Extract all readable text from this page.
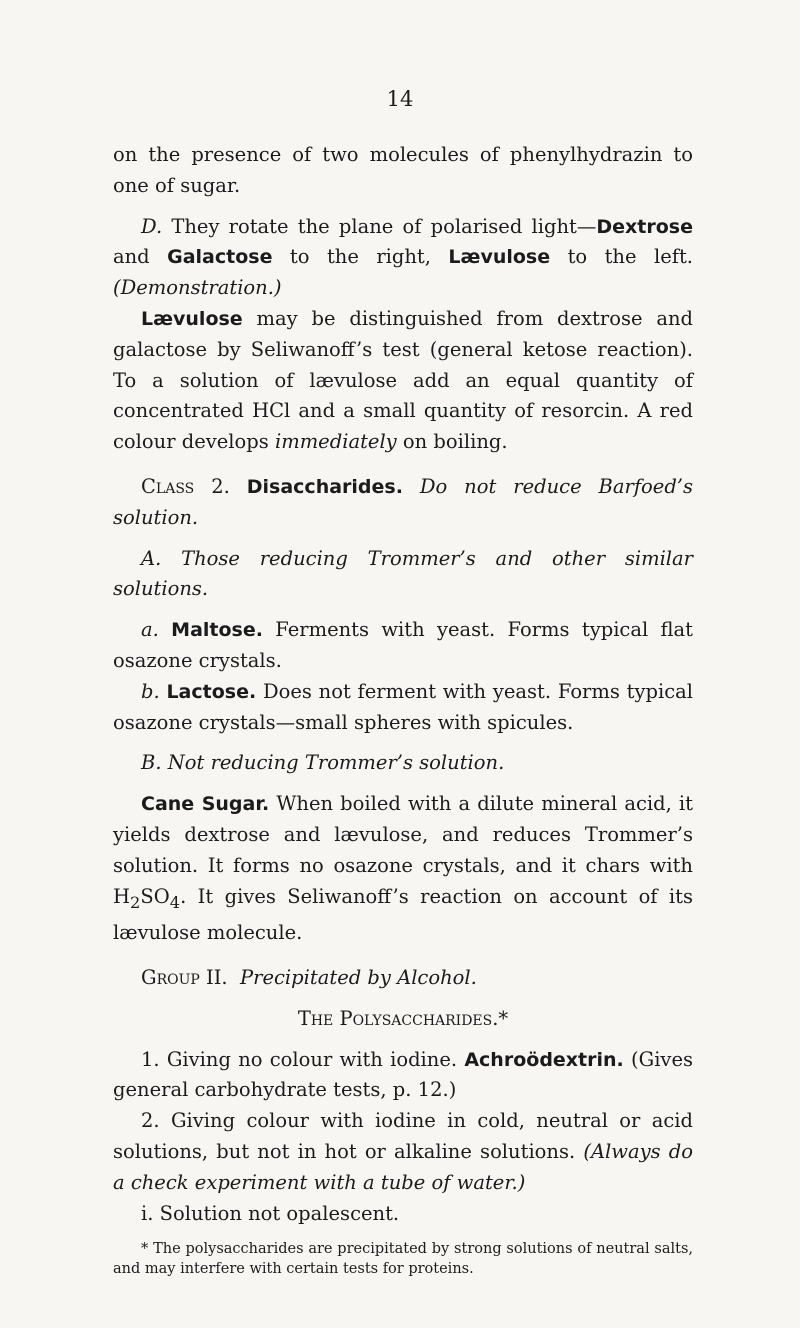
14

on the presence of two molecules of phenylhydrazin to one of sugar.

D. They rotate the plane of polarised light—Dextrose and Galactose to the right, Lævulose to the left. (Demonstration.)

Lævulose may be distinguished from dextrose and galactose by Seliwanoff’s test (general ketose reaction). To a solution of lævulose add an equal quantity of concentrated HCl and a small quantity of resorcin. A red colour develops immediately on boiling.

Class 2. Disaccharides. Do not reduce Barfoed’s solution.

A. Those reducing Trommer’s and other similar solutions.

a. Maltose. Ferments with yeast. Forms typical flat osazone crystals.

b. Lactose. Does not ferment with yeast. Forms typical osazone crystals—small spheres with spicules.

B. Not reducing Trommer’s solution.

Cane Sugar. When boiled with a dilute mineral acid, it yields dextrose and lævulose, and reduces Trommer’s solution. It forms no osazone crystals, and it chars with $H_2SO_4$. It gives Seliwanoff’s reaction on account of its lævulose molecule.

Group II. Precipitated by Alcohol.

The Polysaccharides.*

1. Giving no colour with iodine. Achroödextrin. (Gives general carbohydrate tests, p. 12.)

2. Giving colour with iodine in cold, neutral or acid solutions, but not in hot or alkaline solutions. (Always do a check experiment with a tube of water.)

i. Solution not opalescent.

* The polysaccharides are precipitated by strong solutions of neutral salts, and may interfere with certain tests for proteins.
